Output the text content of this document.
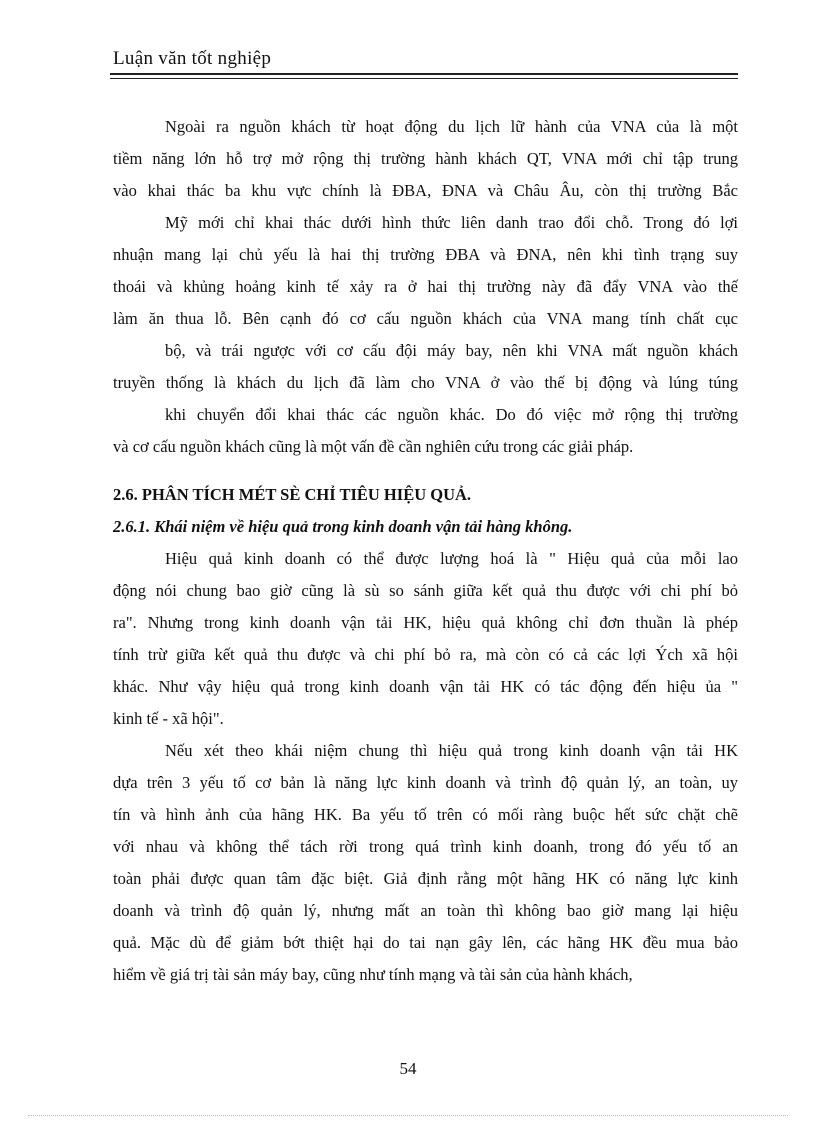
Luận văn tốt nghiệp
Ngoài ra nguồn khách từ hoạt động du lịch lữ hành của VNA của là một
tiềm năng lớn hỗ trợ mở rộng thị trường hành khách QT, VNA mới chỉ tập trung
vào khai thác ba khu vực chính là ĐBA, ĐNA và Châu Âu, còn thị trường Bắc
Mỹ mới chỉ khai thác dưới hình thức liên danh trao đổi chỗ. Trong đó lợi
nhuận mang lại chủ yếu là hai thị trường ĐBA và ĐNA, nên khi tình trạng suy
thoái và khủng hoảng kinh tế xảy ra ở hai thị trường này đã đẩy VNA vào thế
làm ăn thua lỗ. Bên cạnh đó cơ cấu nguồn khách của VNA mang tính chất cục
bộ, và trái ngược với cơ cấu đội máy bay, nên khi VNA mất nguồn khách
truyền thống là khách du lịch đã làm cho VNA ở vào thế bị động và lúng túng
khi chuyển đổi khai thác các nguồn khác. Do đó việc mở rộng thị trường
và cơ cấu nguồn khách cũng là một vấn đề cần nghiên cứu trong các giải pháp.
2.6. PHÂN TÍCH MÉT SÈ CHỈ TIÊU HIỆU QUẢ.
2.6.1. Khái niệm về hiệu quả trong kinh doanh vận tải hàng không.
Hiệu quả kinh doanh có thể được lượng hoá là " Hiệu quả của mỗi lao
động nói chung bao giờ cũng là sù so sánh giữa kết quả thu được với chi phí bỏ
ra". Nhưng trong kinh doanh vận tải HK, hiệu quả không chỉ đơn thuần là phép
tính trừ giữa kết quả thu được và chi phí bỏ ra, mà còn có cả các lợi Ých xã hội
khác. Như vậy hiệu quả trong kinh doanh vận tải HK có tác động đến hiệu ủa "
kinh tế - xã hội".
Nếu xét theo khái niệm chung thì hiệu quả trong kinh doanh vận tải HK
dựa trên 3 yếu tố cơ bản là năng lực kinh doanh và trình độ quản lý, an toàn, uy
tín và hình ảnh của hãng HK. Ba yếu tố trên có mối ràng buộc hết sức chặt chẽ
với nhau và không thể tách rời trong quá trình kinh doanh, trong đó yếu tố an
toàn phải được quan tâm đặc biệt. Giả định rằng một hãng HK có năng lực kinh
doanh và trình độ quản lý, nhưng mất an toàn thì không bao giờ mang lại hiệu
quả. Mặc dù để giảm bớt thiệt hại do tai nạn gây lên, các hãng HK đều mua bảo
hiểm về giá trị tài sản máy bay, cũng như tính mạng và tài sản của hành khách,
54
